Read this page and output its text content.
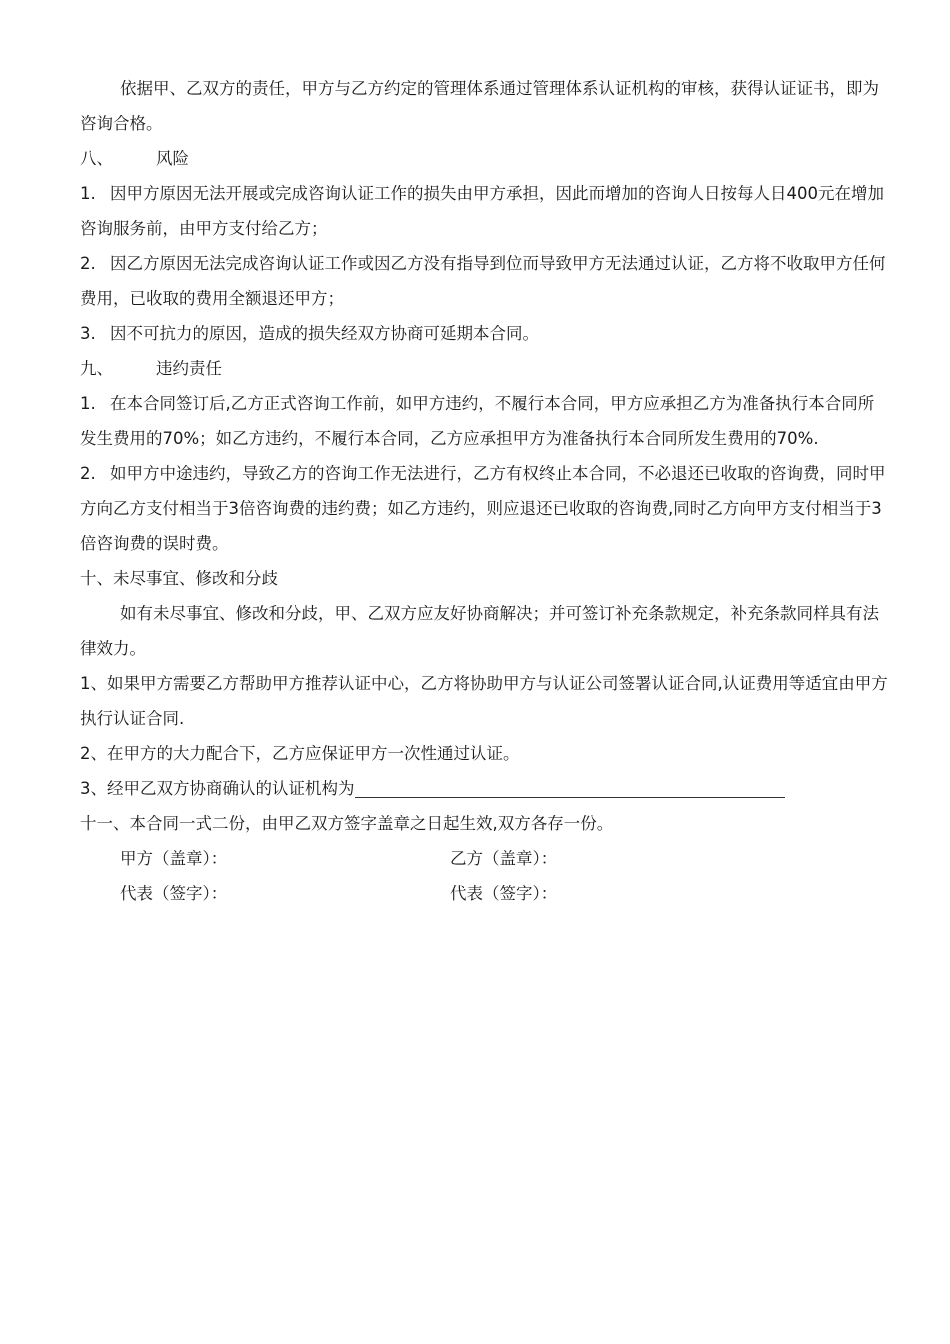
依据甲、乙双方的责任，甲方与乙方约定的管理体系通过管理体系认证机构的审核，获得认证证书，即为咨询合格。

八、	风险

1. 因甲方原因无法开展或完成咨询认证工作的损失由甲方承担，因此而增加的咨询人日按每人日400元在增加咨询服务前，由甲方支付给乙方；

2. 因乙方原因无法完成咨询认证工作或因乙方没有指导到位而导致甲方无法通过认证，乙方将不收取甲方任何费用，已收取的费用全额退还甲方；

3. 因不可抗力的原因，造成的损失经双方协商可延期本合同。

九、	违约责任

1. 在本合同签订后,乙方正式咨询工作前，如甲方违约，不履行本合同，甲方应承担乙方为准备执行本合同所发生费用的70%；如乙方违约，不履行本合同，乙方应承担甲方为准备执行本合同所发生费用的70%.

2. 如甲方中途违约，导致乙方的咨询工作无法进行，乙方有权终止本合同，不必退还已收取的咨询费，同时甲方向乙方支付相当于3倍咨询费的违约费；如乙方违约，则应退还已收取的咨询费,同时乙方向甲方支付相当于3倍咨询费的误时费。

十、未尽事宜、修改和分歧

如有未尽事宜、修改和分歧，甲、乙双方应友好协商解决；并可签订补充条款规定，补充条款同样具有法律效力。

1、如果甲方需要乙方帮助甲方推荐认证中心，乙方将协助甲方与认证公司签署认证合同,认证费用等适宜由甲方执行认证合同.

2、在甲方的大力配合下，乙方应保证甲方一次性通过认证。

3、经甲乙双方协商确认的认证机构为

十一、本合同一式二份，由甲乙双方签字盖章之日起生效,双方各存一份。

甲方（盖章）：	乙方（盖章）：
代表（签字）：	代表（签字）：
